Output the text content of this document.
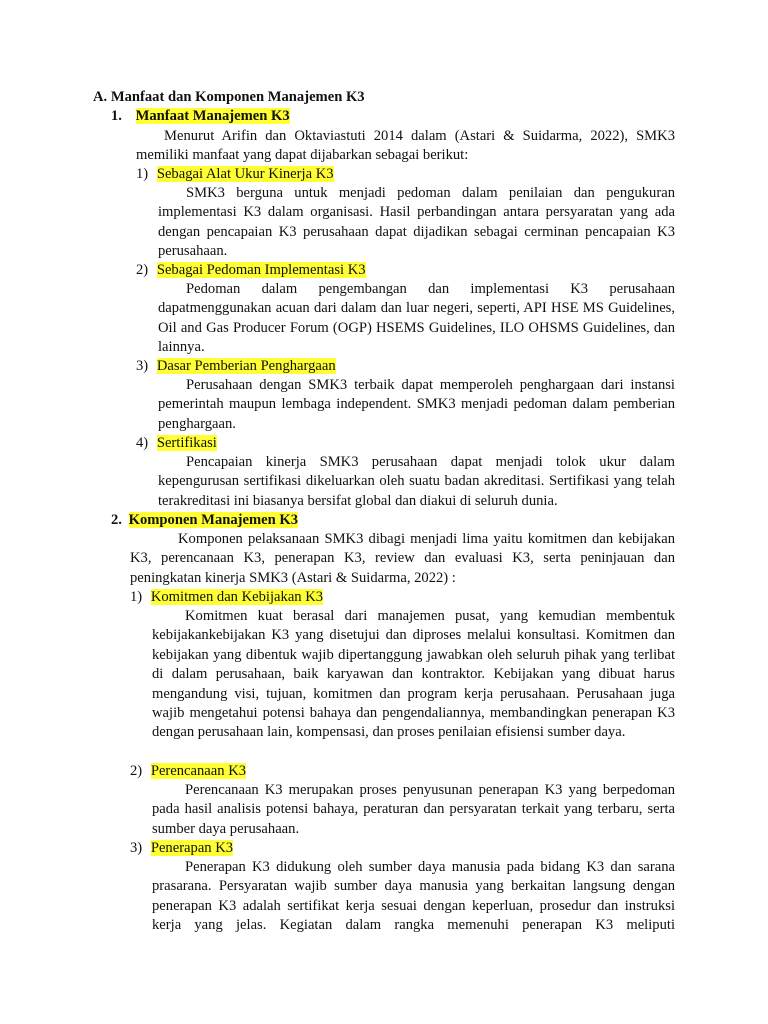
A. Manfaat dan Komponen Manajemen K3
1. Manfaat Manajemen K3
Menurut Arifin dan Oktaviastuti 2014 dalam (Astari & Suidarma, 2022), SMK3 memiliki manfaat yang dapat dijabarkan sebagai berikut:
1) Sebagai Alat Ukur Kinerja K3
SMK3 berguna untuk menjadi pedoman dalam penilaian dan pengukuran implementasi K3 dalam organisasi. Hasil perbandingan antara persyaratan yang ada dengan pencapaian K3 perusahaan dapat dijadikan sebagai cerminan pencapaian K3 perusahaan.
2) Sebagai Pedoman Implementasi K3
Pedoman dalam pengembangan dan implementasi K3 perusahaan dapatmenggunakan acuan dari dalam dan luar negeri, seperti, API HSE MS Guidelines, Oil and Gas Producer Forum (OGP) HSEMS Guidelines, ILO OHSMS Guidelines, dan lainnya.
3) Dasar Pemberian Penghargaan
Perusahaan dengan SMK3 terbaik dapat memperoleh penghargaan dari instansi pemerintah maupun lembaga independent. SMK3 menjadi pedoman dalam pemberian penghargaan.
4) Sertifikasi
Pencapaian kinerja SMK3 perusahaan dapat menjadi tolok ukur dalam kepengurusan sertifikasi dikeluarkan oleh suatu badan akreditasi. Sertifikasi yang telah terakreditasi ini biasanya bersifat global dan diakui di seluruh dunia.
2. Komponen Manajemen K3
Komponen pelaksanaan SMK3 dibagi menjadi lima yaitu komitmen dan kebijakan K3, perencanaan K3, penerapan K3, review dan evaluasi K3, serta peninjauan dan peningkatan kinerja SMK3 (Astari & Suidarma, 2022) :
1) Komitmen dan Kebijakan K3
Komitmen kuat berasal dari manajemen pusat, yang kemudian membentuk kebijakankebijakan K3 yang disetujui dan diproses melalui konsultasi. Komitmen dan kebijakan yang dibentuk wajib dipertanggung jawabkan oleh seluruh pihak yang terlibat di dalam perusahaan, baik karyawan dan kontraktor. Kebijakan yang dibuat harus mengandung visi, tujuan, komitmen dan program kerja perusahaan. Perusahaan juga wajib mengetahui potensi bahaya dan pengendaliannya, membandingkan penerapan K3 dengan perusahaan lain, kompensasi, dan proses penilaian efisiensi sumber daya.
2) Perencanaan K3
Perencanaan K3 merupakan proses penyusunan penerapan K3 yang berpedoman pada hasil analisis potensi bahaya, peraturan dan persyaratan terkait yang terbaru, serta sumber daya perusahaan.
3) Penerapan K3
Penerapan K3 didukung oleh sumber daya manusia pada bidang K3 dan sarana prasarana. Persyaratan wajib sumber daya manusia yang berkaitan langsung dengan penerapan K3 adalah sertifikat kerja sesuai dengan keperluan, prosedur dan instruksi kerja yang jelas. Kegiatan dalam rangka memenuhi penerapan K3 meliputi
